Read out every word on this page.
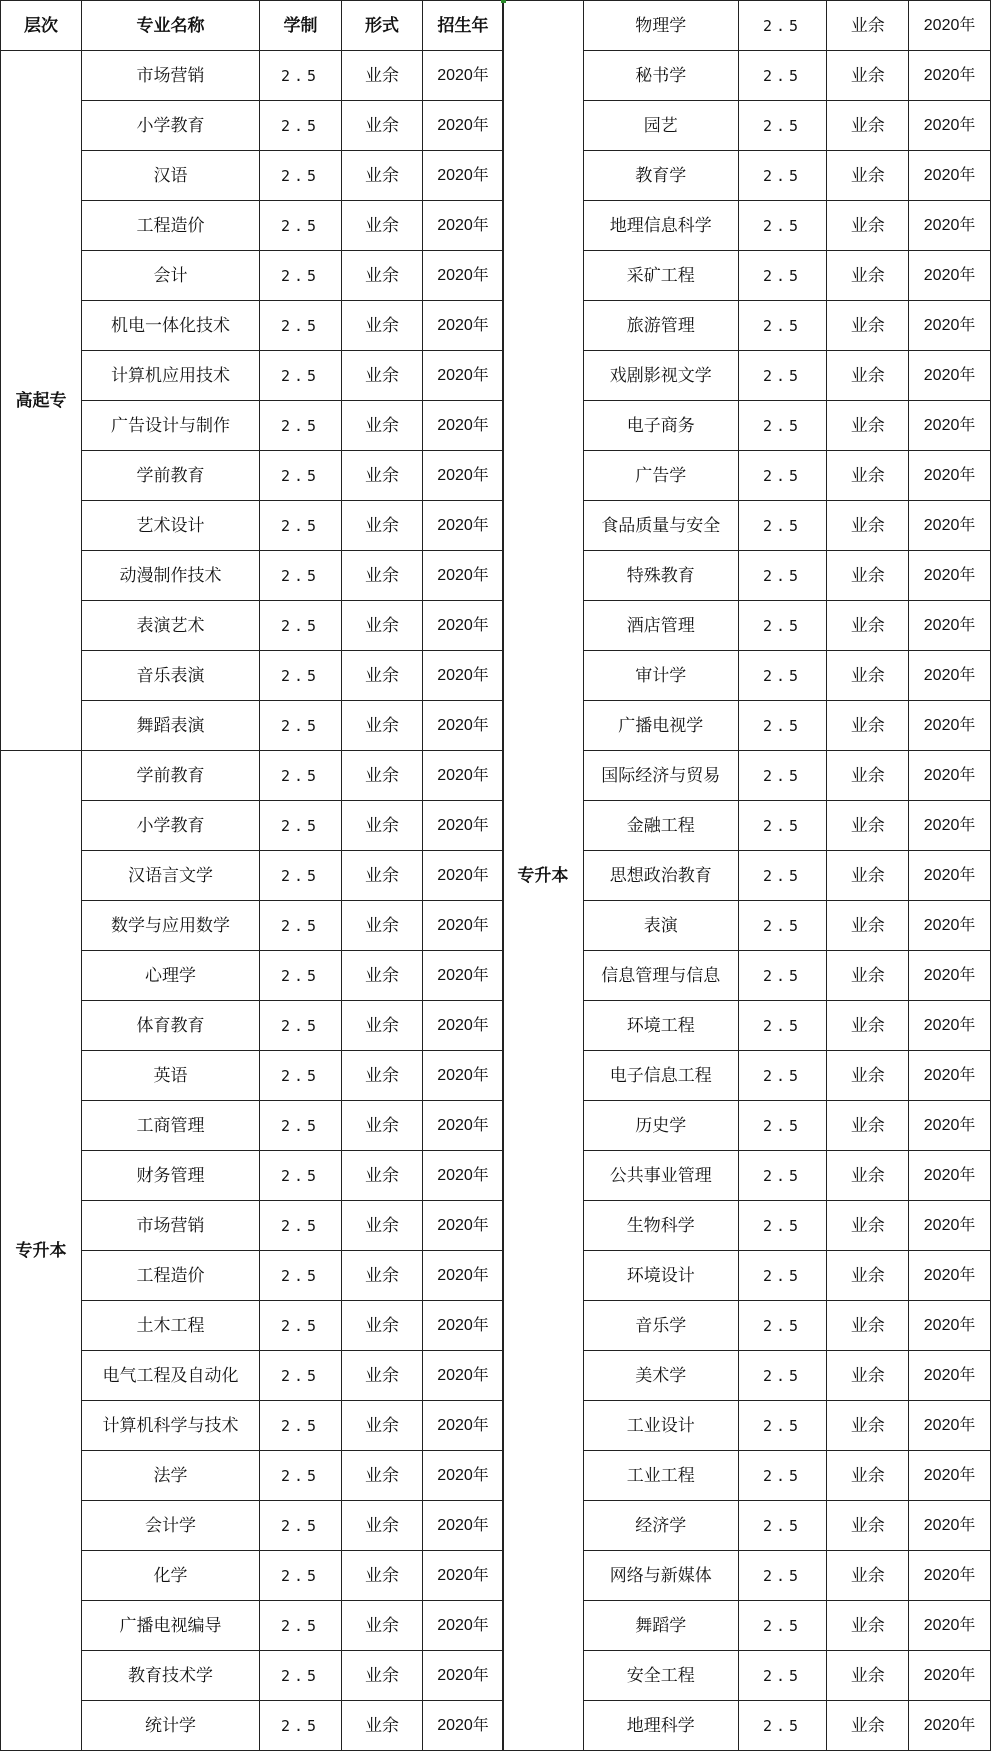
层次	专业名称	学制	形式	招生年
高起专	市场营销	2.5	业余	2020年
	小学教育	2.5	业余	2020年
	汉语	2.5	业余	2020年
	工程造价	2.5	业余	2020年
	会计	2.5	业余	2020年
	机电一体化技术	2.5	业余	2020年
	计算机应用技术	2.5	业余	2020年
	广告设计与制作	2.5	业余	2020年
	学前教育	2.5	业余	2020年
	艺术设计	2.5	业余	2020年
	动漫制作技术	2.5	业余	2020年
	表演艺术	2.5	业余	2020年
	音乐表演	2.5	业余	2020年
	舞蹈表演	2.5	业余	2020年
专升本	学前教育	2.5	业余	2020年
	小学教育	2.5	业余	2020年
	汉语言文学	2.5	业余	2020年
	数学与应用数学	2.5	业余	2020年
	心理学	2.5	业余	2020年
	体育教育	2.5	业余	2020年
	英语	2.5	业余	2020年
	工商管理	2.5	业余	2020年
	财务管理	2.5	业余	2020年
	市场营销	2.5	业余	2020年
	工程造价	2.5	业余	2020年
	土木工程	2.5	业余	2020年
	电气工程及自动化	2.5	业余	2020年
	计算机科学与技术	2.5	业余	2020年
	法学	2.5	业余	2020年
	会计学	2.5	业余	2020年
	化学	2.5	业余	2020年
	广播电视编导	2.5	业余	2020年
	教育技术学	2.5	业余	2020年
	统计学	2.5	业余	2020年
专升本	物理学	2.5	业余	2020年
	秘书学	2.5	业余	2020年
	园艺	2.5	业余	2020年
	教育学	2.5	业余	2020年
	地理信息科学	2.5	业余	2020年
	采矿工程	2.5	业余	2020年
	旅游管理	2.5	业余	2020年
	戏剧影视文学	2.5	业余	2020年
	电子商务	2.5	业余	2020年
	广告学	2.5	业余	2020年
	食品质量与安全	2.5	业余	2020年
	特殊教育	2.5	业余	2020年
	酒店管理	2.5	业余	2020年
	审计学	2.5	业余	2020年
	广播电视学	2.5	业余	2020年
	国际经济与贸易	2.5	业余	2020年
	金融工程	2.5	业余	2020年
	思想政治教育	2.5	业余	2020年
	表演	2.5	业余	2020年
	信息管理与信息	2.5	业余	2020年
	环境工程	2.5	业余	2020年
	电子信息工程	2.5	业余	2020年
	历史学	2.5	业余	2020年
	公共事业管理	2.5	业余	2020年
	生物科学	2.5	业余	2020年
	环境设计	2.5	业余	2020年
	音乐学	2.5	业余	2020年
	美术学	2.5	业余	2020年
	工业设计	2.5	业余	2020年
	工业工程	2.5	业余	2020年
	经济学	2.5	业余	2020年
	网络与新媒体	2.5	业余	2020年
	舞蹈学	2.5	业余	2020年
	安全工程	2.5	业余	2020年
	地理科学	2.5	业余	2020年
